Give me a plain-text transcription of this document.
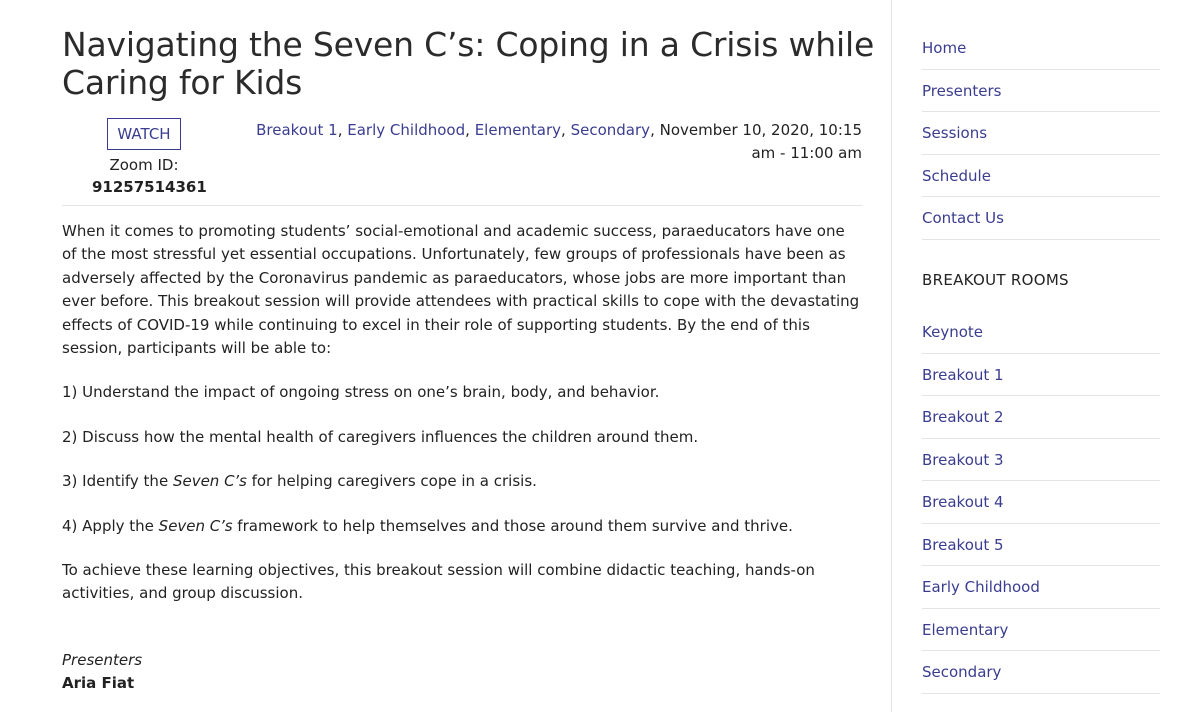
Navigating the Seven C’s: Coping in a Crisis while Caring for Kids
WATCH
Zoom ID:
91257514361
Breakout 1, Early Childhood, Elementary, Secondary, November 10, 2020, 10:15 am - 11:00 am

When it comes to promoting students’ social-emotional and academic success, paraeducators have one of the most stressful yet essential occupations. Unfortunately, few groups of professionals have been as adversely affected by the Coronavirus pandemic as paraeducators, whose jobs are more important than ever before. This breakout session will provide attendees with practical skills to cope with the devastating effects of COVID-19 while continuing to excel in their role of supporting students. By the end of this session, participants will be able to:

1) Understand the impact of ongoing stress on one’s brain, body, and behavior.

2) Discuss how the mental health of caregivers influences the children around them.

3) Identify the Seven C’s for helping caregivers cope in a crisis.

4) Apply the Seven C’s framework to help themselves and those around them survive and thrive.

To achieve these learning objectives, this breakout session will combine didactic teaching, hands-on activities, and group discussion.

Presenters
Aria Fiat
Home
Presenters
Sessions
Schedule
Contact Us
BREAKOUT ROOMS
Keynote
Breakout 1
Breakout 2
Breakout 3
Breakout 4
Breakout 5
Early Childhood
Elementary
Secondary
